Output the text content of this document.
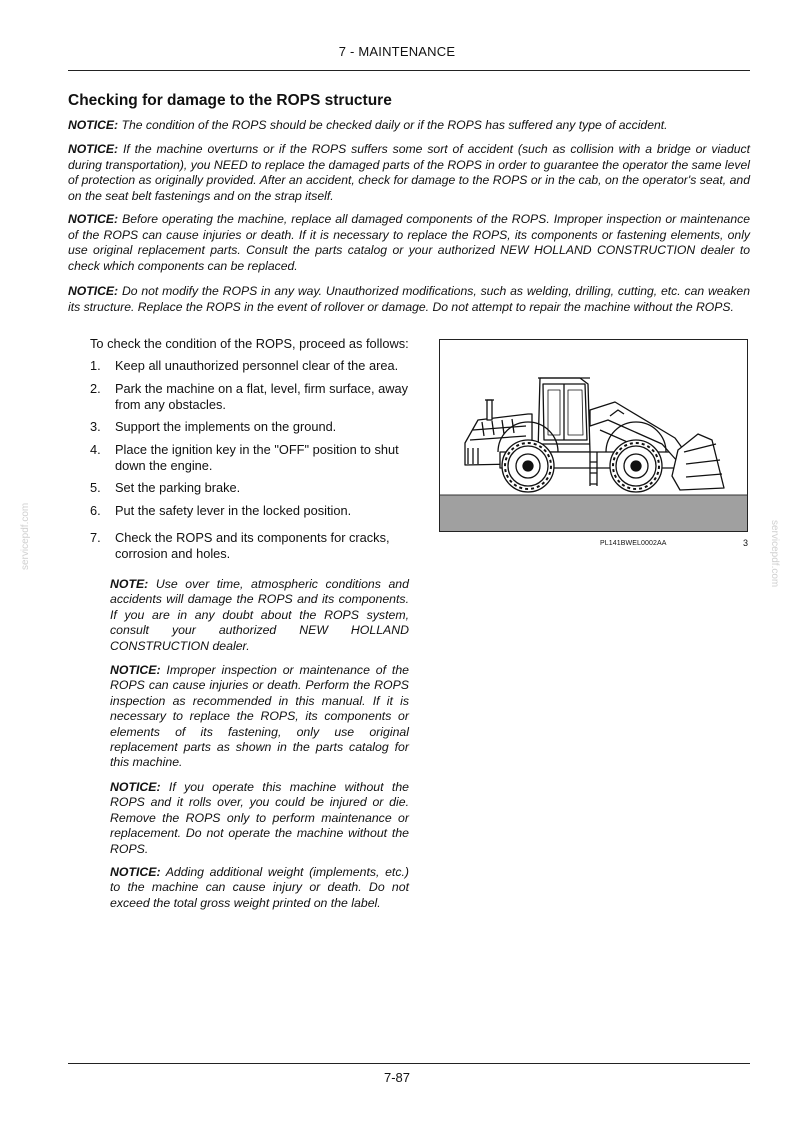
7 - MAINTENANCE
Checking for damage to the ROPS structure

NOTICE: The condition of the ROPS should be checked daily or if the ROPS has suffered any type of accident.

NOTICE: If the machine overturns or if the ROPS suffers some sort of accident (such as collision with a bridge or viaduct during transportation), you NEED to replace the damaged parts of the ROPS in order to guarantee the operator the same level of protection as originally provided. After an accident, check for damage to the ROPS or in the cab, on the operator's seat, and on the seat belt fastenings and on the strap itself.

NOTICE: Before operating the machine, replace all damaged components of the ROPS. Improper inspection or maintenance of the ROPS can cause injuries or death. If it is necessary to replace the ROPS, its components or fastening elements, only use original replacement parts. Consult the parts catalog or your authorized NEW HOLLAND CONSTRUCTION dealer to check which components can be replaced.

NOTICE: Do not modify the ROPS in any way. Unauthorized modifications, such as welding, drilling, cutting, etc. can weaken its structure. Replace the ROPS in the event of rollover or damage. Do not attempt to repair the machine without the ROPS.

To check the condition of the ROPS, proceed as follows:

1. Keep all unauthorized personnel clear of the area.
2. Park the machine on a flat, level, firm surface, away from any obstacles.
3. Support the implements on the ground.
4. Place the ignition key in the "OFF" position to shut down the engine.
5. Set the parking brake.
6. Put the safety lever in the locked position.
7. Check the ROPS and its components for cracks, corrosion and holes.

NOTE: Use over time, atmospheric conditions and accidents will damage the ROPS and its components. If you are in any doubt about the ROPS system, consult your authorized NEW HOLLAND CONSTRUCTION dealer.

NOTICE: Improper inspection or maintenance of the ROPS can cause injuries or death. Perform the ROPS inspection as recommended in this manual. If it is necessary to replace the ROPS, its components or elements of its fastening, only use original replacement parts as shown in the parts catalog for this machine.

NOTICE: If you operate this machine without the ROPS and it rolls over, you could be injured or die. Remove the ROPS only to perform maintenance or replacement. Do not operate the machine without the ROPS.

NOTICE: Adding additional weight (implements, etc.) to the machine can cause injury or death. Do not exceed the total gross weight printed on the label.

PL141BWEL0002AA	3
servicepdf.com	servicepdf.com
7-87
